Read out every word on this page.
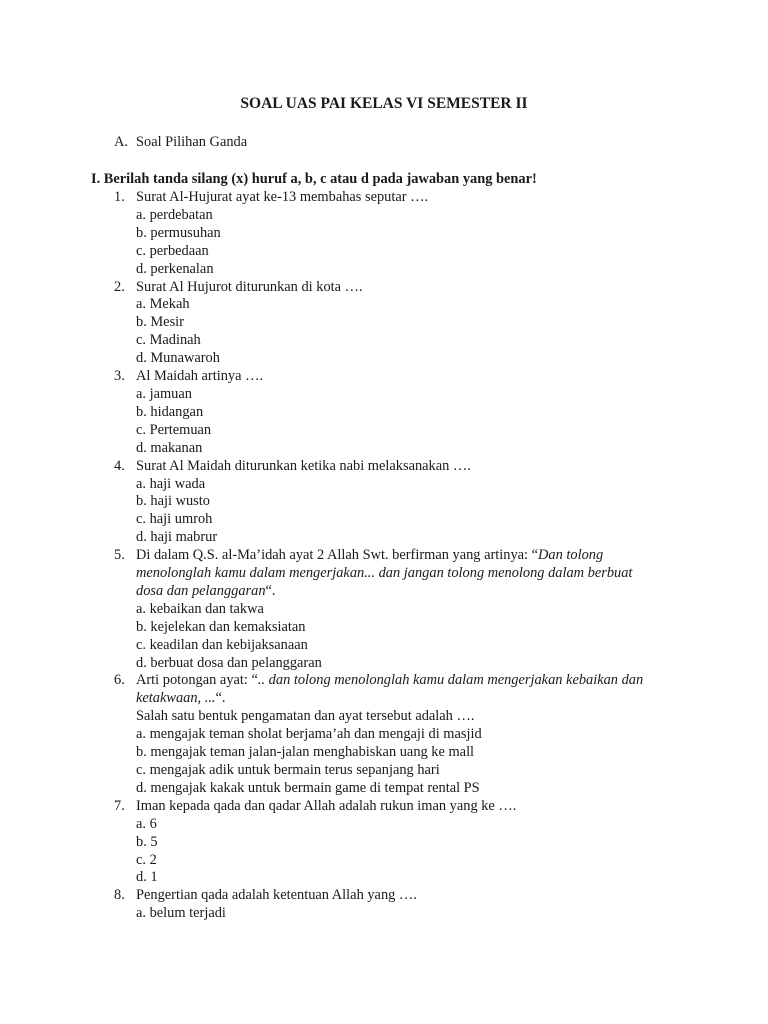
SOAL UAS PAI KELAS VI SEMESTER II
A. Soal Pilihan Ganda
I. Berilah tanda silang (x) huruf a, b, c atau d pada jawaban yang benar!
1. Surat Al-Hujurat ayat ke-13 membahas seputar ….
a. perdebatan
b. permusuhan
c. perbedaan
d. perkenalan
2. Surat Al Hujurot diturunkan di kota ….
a. Mekah
b. Mesir
c. Madinah
d. Munawaroh
3. Al Maidah artinya ….
a. jamuan
b. hidangan
c. Pertemuan
d. makanan
4. Surat Al Maidah diturunkan ketika nabi melaksanakan ….
a. haji wada
b. haji wusto
c. haji umroh
d. haji mabrur
5. Di dalam Q.S. al-Ma’idah ayat 2 Allah Swt. berfirman yang artinya: “Dan tolong
menolonglah kamu dalam mengerjakan... dan jangan tolong menolong dalam berbuat
dosa dan pelanggaran“.
a. kebaikan dan takwa
b. kejelekan dan kemaksiatan
c. keadilan dan kebijaksanaan
d. berbuat dosa dan pelanggaran
6. Arti potongan ayat: “.. dan tolong menolonglah kamu dalam mengerjakan kebaikan dan
ketakwaan, ...“.
Salah satu bentuk pengamatan dan ayat tersebut adalah ….
a. mengajak teman sholat berjama’ah dan mengaji di masjid
b. mengajak teman jalan-jalan menghabiskan uang ke mall
c. mengajak adik untuk bermain terus sepanjang hari
d. mengajak kakak untuk bermain game di tempat rental PS
7. Iman kepada qada dan qadar Allah adalah rukun iman yang ke ….
a. 6
b. 5
c. 2
d. 1
8. Pengertian qada adalah ketentuan Allah yang ….
a. belum terjadi
